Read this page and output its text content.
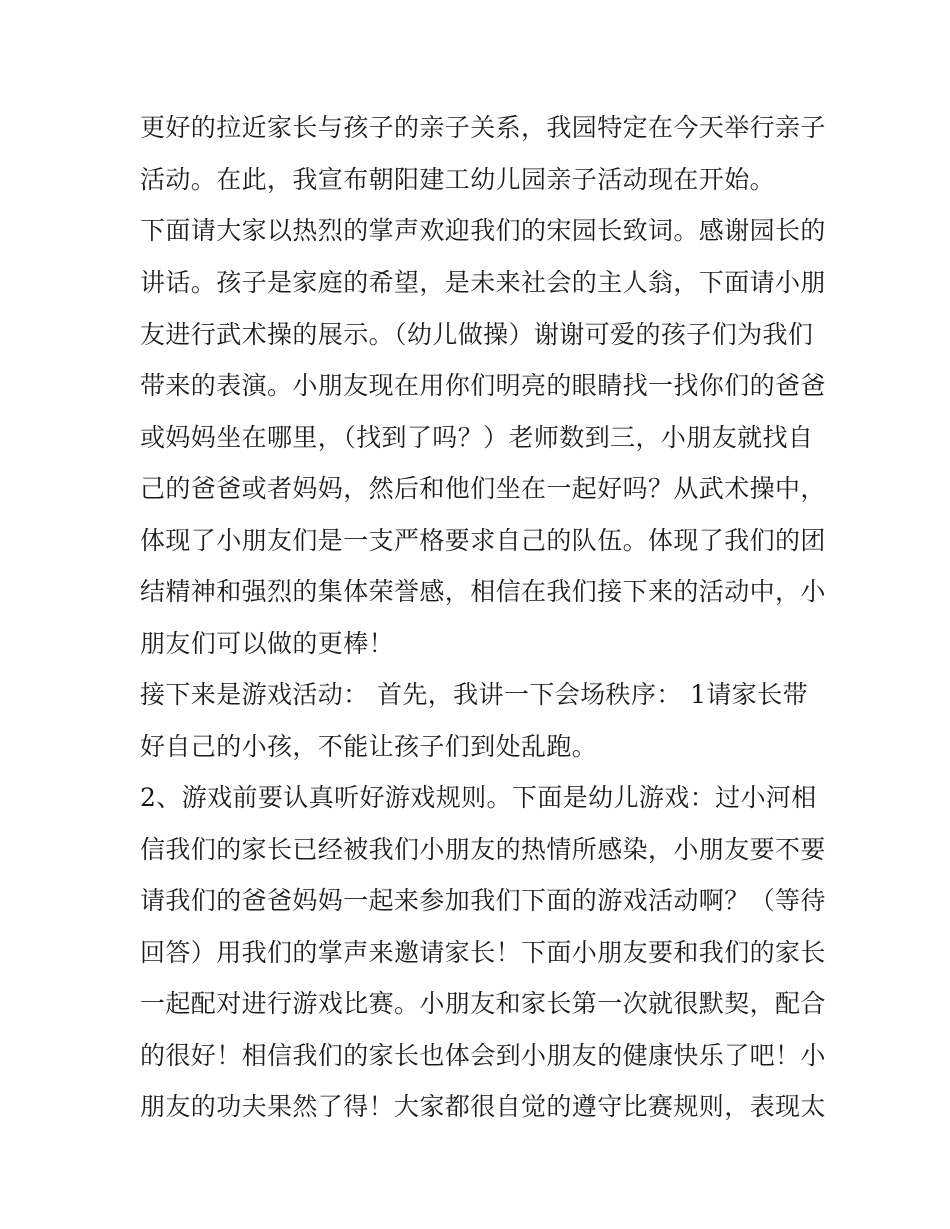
更好的拉近家长与孩子的亲子关系，我园特定在今天举行亲子
活动。在此，我宣布朝阳建工幼儿园亲子活动现在开始。
下面请大家以热烈的掌声欢迎我们的宋园长致词。感谢园长的
讲话。孩子是家庭的希望，是未来社会的主人翁，下面请小朋
友进行武术操的展示。（幼儿做操）谢谢可爱的孩子们为我们
带来的表演。小朋友现在用你们明亮的眼睛找一找你们的爸爸
或妈妈坐在哪里，（找到了吗？）老师数到三，小朋友就找自
己的爸爸或者妈妈，然后和他们坐在一起好吗？从武术操中，
体现了小朋友们是一支严格要求自己的队伍。体现了我们的团
结精神和强烈的集体荣誉感，相信在我们接下来的活动中，小
朋友们可以做的更棒！
接下来是游戏活动： 首先，我讲一下会场秩序： 1请家长带
好自己的小孩，不能让孩子们到处乱跑。
2、游戏前要认真听好游戏规则。下面是幼儿游戏：过小河相
信我们的家长已经被我们小朋友的热情所感染，小朋友要不要
请我们的爸爸妈妈一起来参加我们下面的游戏活动啊？（等待
回答）用我们的掌声来邀请家长！下面小朋友要和我们的家长
一起配对进行游戏比赛。小朋友和家长第一次就很默契，配合
的很好！相信我们的家长也体会到小朋友的健康快乐了吧！小
朋友的功夫果然了得！大家都很自觉的遵守比赛规则，表现太
